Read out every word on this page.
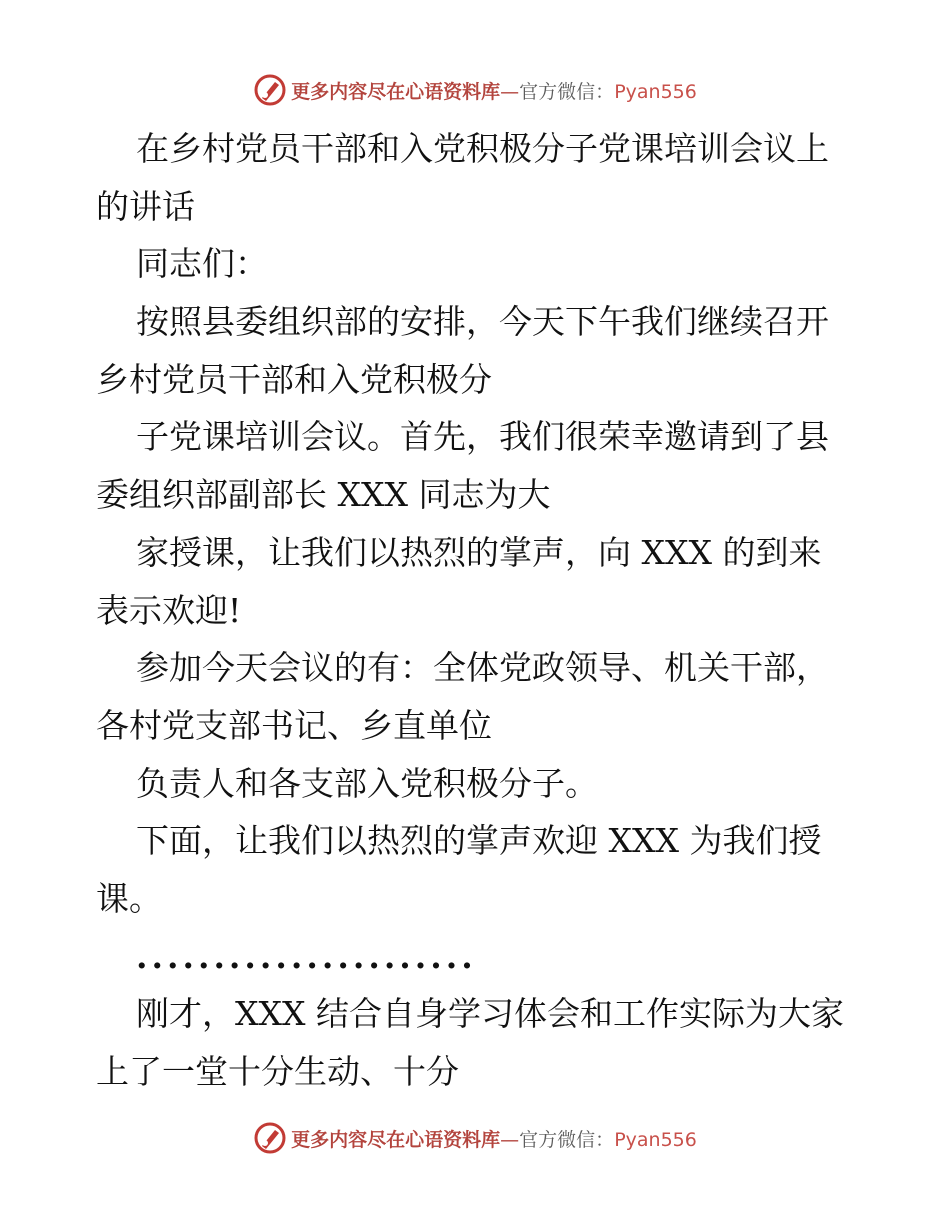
更多内容尽在心语资料库—官方微信：Pyan556
在乡村党员干部和入党积极分子党课培训会议上
的讲话
同志们：
按照县委组织部的安排，今天下午我们继续召开
乡村党员干部和入党积极分
子党课培训会议。首先，我们很荣幸邀请到了县
委组织部副部长 XXX 同志为大
家授课，让我们以热烈的掌声，向 XXX 的到来
表示欢迎!
参加今天会议的有：全体党政领导、机关干部，
各村党支部书记、乡直单位
负责人和各支部入党积极分子。
下面，让我们以热烈的掌声欢迎 XXX 为我们授
课。
......................
刚才，XXX 结合自身学习体会和工作实际为大家
上了一堂十分生动、十分
更多内容尽在心语资料库—官方微信：Pyan556
